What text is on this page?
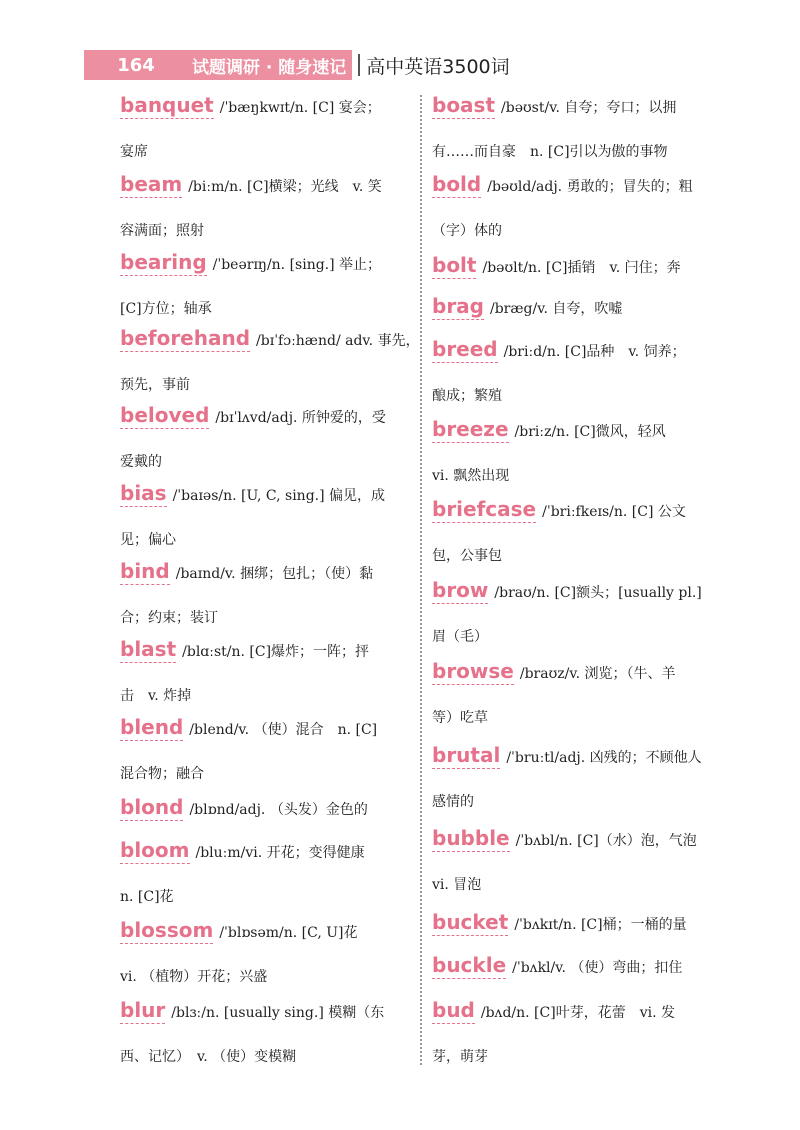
164	试题调研 · 随身速记	高中英语3500词
banquet /ˈbæŋkwɪt/n. [C] 宴会；
宴席
beam /biːm/n. [C]横梁；光线　v. 笑
容满面；照射
bearing /ˈbeərɪŋ/n. [sing.] 举止；
[C]方位；轴承
beforehand /bɪˈfɔːhænd/ adv. 事先，
预先，事前
beloved /bɪˈlʌvd/adj. 所钟爱的，受
爱戴的
bias /ˈbaɪəs/n. [U, C, sing.] 偏见，成
见；偏心
bind /baɪnd/v. 捆绑；包扎；（使）黏
合；约束；装订
blast /blɑːst/n. [C]爆炸；一阵；抨
击　v. 炸掉
blend /blend/v. （使）混合　n. [C]
混合物；融合
blond /blɒnd/adj. （头发）金色的
bloom /bluːm/vi. 开花；变得健康
n. [C]花
blossom /ˈblɒsəm/n. [C, U]花
vi. （植物）开花；兴盛
blur /blɜː/n. [usually sing.] 模糊（东
西、记忆）　v. （使）变模糊
boast /bəʊst/v. 自夸；夸口；以拥
有……而自豪　n. [C]引以为傲的事物
bold /bəʊld/adj. 勇敢的；冒失的；粗
（字）体的
bolt /bəʊlt/n. [C]插销　v. 闩住；奔
brag /bræg/v. 自夸，吹嘘
breed /briːd/n. [C]品种　v. 饲养；
酿成；繁殖
breeze /briːz/n. [C]微风，轻风
vi. 飘然出现
briefcase /ˈbriːfkeɪs/n. [C] 公文
包，公事包
brow /braʊ/n. [C]额头；[usually pl.]
眉（毛）
browse /braʊz/v. 浏览；（牛、羊
等）吃草
brutal /ˈbruːtl/adj. 凶残的；不顾他人
感情的
bubble /ˈbʌbl/n. [C]（水）泡，气泡
vi. 冒泡
bucket /ˈbʌkɪt/n. [C]桶；一桶的量
buckle /ˈbʌkl/v. （使）弯曲；扣住
bud /bʌd/n. [C]叶芽，花蕾　vi. 发
芽，萌芽
